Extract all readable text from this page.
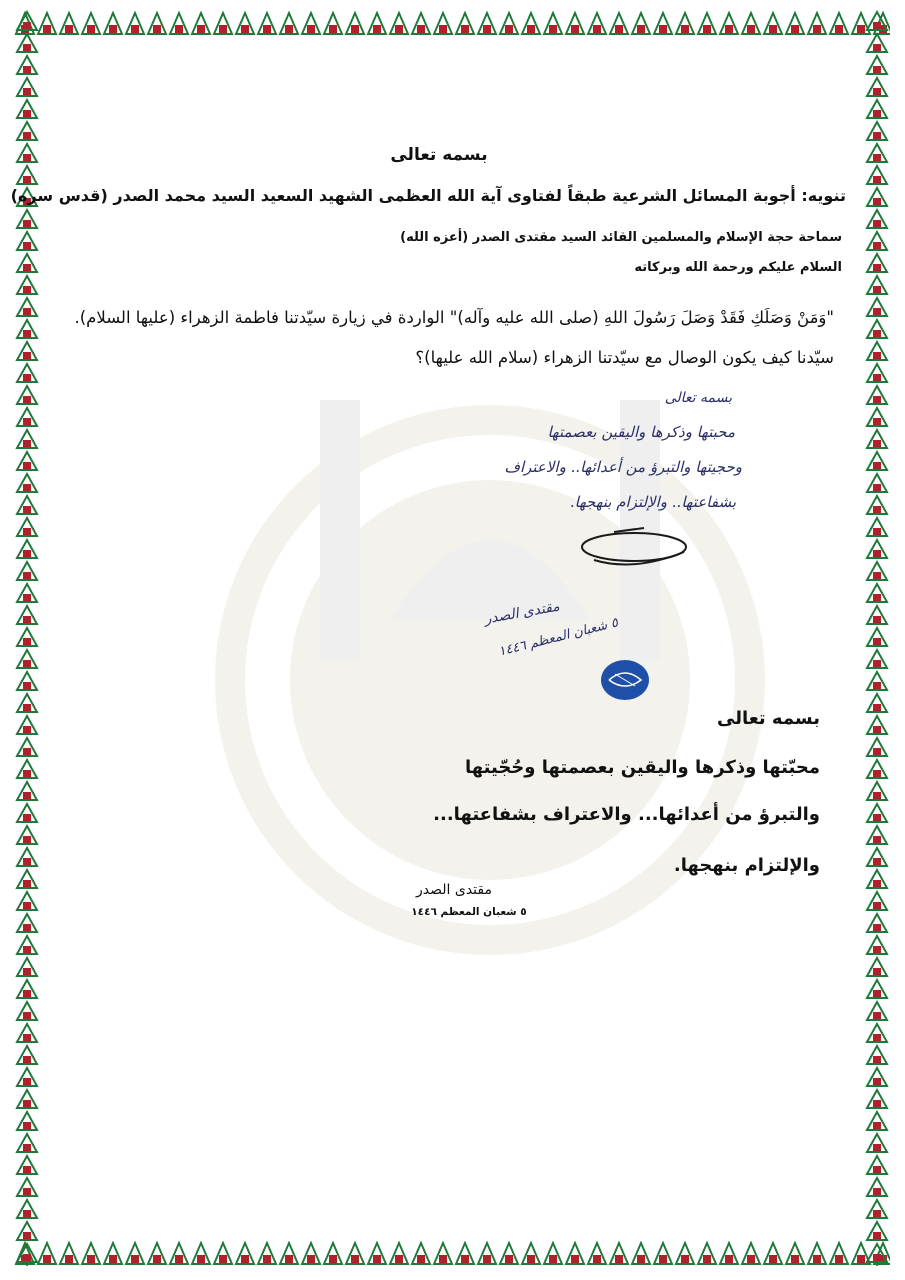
بسمه تعالى
تنويه: أجوبة المسائل الشرعية طبقاً لفتاوى آية الله العظمى الشهيد السعيد السيد محمد الصدر (قدس سره)
سماحة حجة الإسلام والمسلمين القائد السيد مقتدى الصدر (أعزه الله)
السلام عليكم ورحمة الله وبركاته
"وَمَنْ وَصَلَكِ فَقَدْ وَصَلَ رَسُولَ اللهِ (صلى الله عليه وآله)" الواردة في زيارة سيّدتنا فاطمة الزهراء (عليها السلام). سيّدنا كيف يكون الوصال مع سيّدتنا الزهراء (سلام الله عليها)؟
بسمه تعالى
محبتها وذكرها واليقين بعصمتها
وحجيتها والتبرؤ من أعدائها.. والاعتراف
بشفاعتها.. والإلتزام بنهجها.
مقتدى الصدر
٥ شعبان المعظم ١٤٤٦
بسمه تعالى
محبّتها وذكرها واليقين بعصمتها وحُجّيتها
والتبرؤ من أعدائها... والاعتراف بشفاعتها...
والإلتزام بنهجها.
مقتدى الصدر
٥ شعبان المعظم ١٤٤٦
